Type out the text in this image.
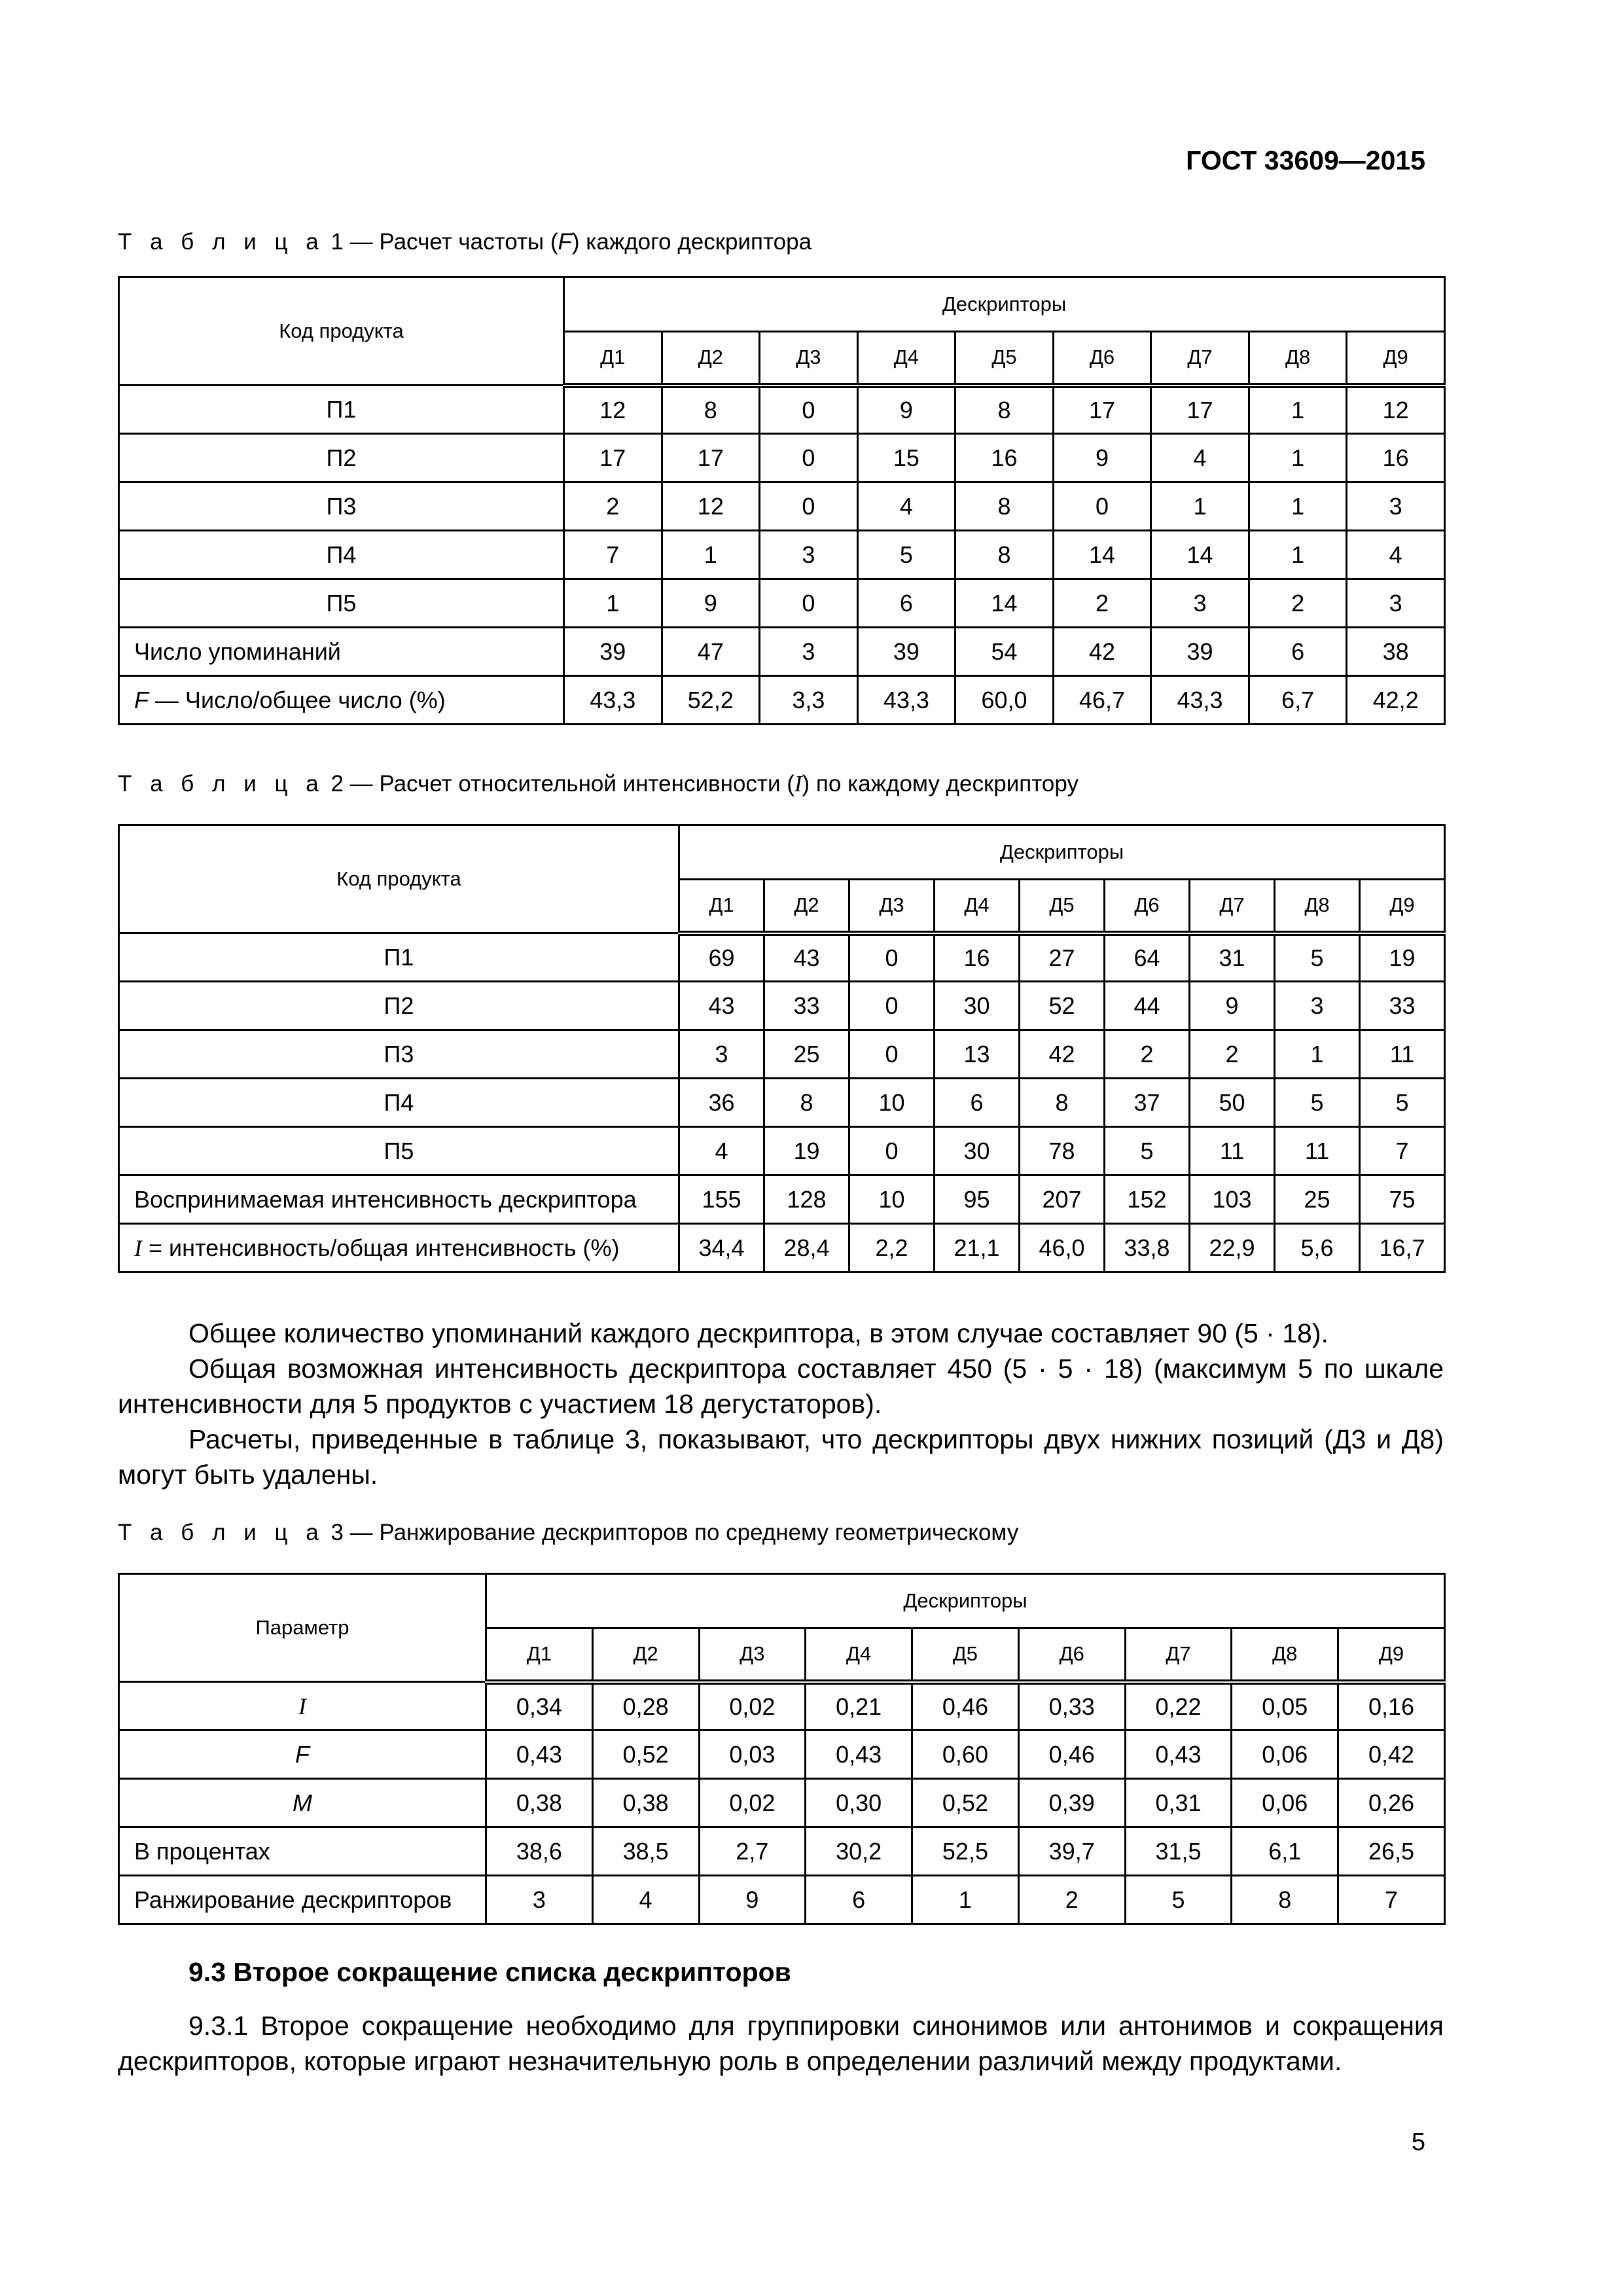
ГОСТ 33609—2015
Т а б л и ц а 1 — Расчет частоты (F) каждого дескриптора
Код продукта	Дескрипторы								
	Д1	Д2	Д3	Д4	Д5	Д6	Д7	Д8	Д9
П1	12	8	0	9	8	17	17	1	12
П2	17	17	0	15	16	9	4	1	16
П3	2	12	0	4	8	0	1	1	3
П4	7	1	3	5	8	14	14	1	4
П5	1	9	0	6	14	2	3	2	3
Число упоминаний	39	47	3	39	54	42	39	6	38
F — Число/общее число (%)	43,3	52,2	3,3	43,3	60,0	46,7	43,3	6,7	42,2
Т а б л и ц а 2 — Расчет относительной интенсивности (I) по каждому дескриптору
Код продукта	Дескрипторы								
	Д1	Д2	Д3	Д4	Д5	Д6	Д7	Д8	Д9
П1	69	43	0	16	27	64	31	5	19
П2	43	33	0	30	52	44	9	3	33
П3	3	25	0	13	42	2	2	1	11
П4	36	8	10	6	8	37	50	5	5
П5	4	19	0	30	78	5	11	11	7
Воспринимаемая интенсивность дескриптора	155	128	10	95	207	152	103	25	75
I = интенсивность/общая интенсивность (%)	34,4	28,4	2,2	21,1	46,0	33,8	22,9	5,6	16,7

Общее количество упоминаний каждого дескриптора, в этом случае составляет 90 (5 · 18).

Общая возможная интенсивность дескриптора составляет 450 (5 · 5 · 18) (максимум 5 по шкале интенсивности для 5 продуктов с участием 18 дегустаторов).

Расчеты, приведенные в таблице 3, показывают, что дескрипторы двух нижних позиций (Д3 и Д8) могут быть удалены.

Т а б л и ц а 3 — Ранжирование дескрипторов по среднему геометрическому
Параметр	Дескрипторы								
	Д1	Д2	Д3	Д4	Д5	Д6	Д7	Д8	Д9
I	0,34	0,28	0,02	0,21	0,46	0,33	0,22	0,05	0,16
F	0,43	0,52	0,03	0,43	0,60	0,46	0,43	0,06	0,42
M	0,38	0,38	0,02	0,30	0,52	0,39	0,31	0,06	0,26
В процентах	38,6	38,5	2,7	30,2	52,5	39,7	31,5	6,1	26,5
Ранжирование дескрипторов	3	4	9	6	1	2	5	8	7
9.3 Второе сокращение списка дескрипторов

9.3.1 Второе сокращение необходимо для группировки синонимов или антонимов и сокращения дескрипторов, которые играют незначительную роль в определении различий между продуктами.

5
